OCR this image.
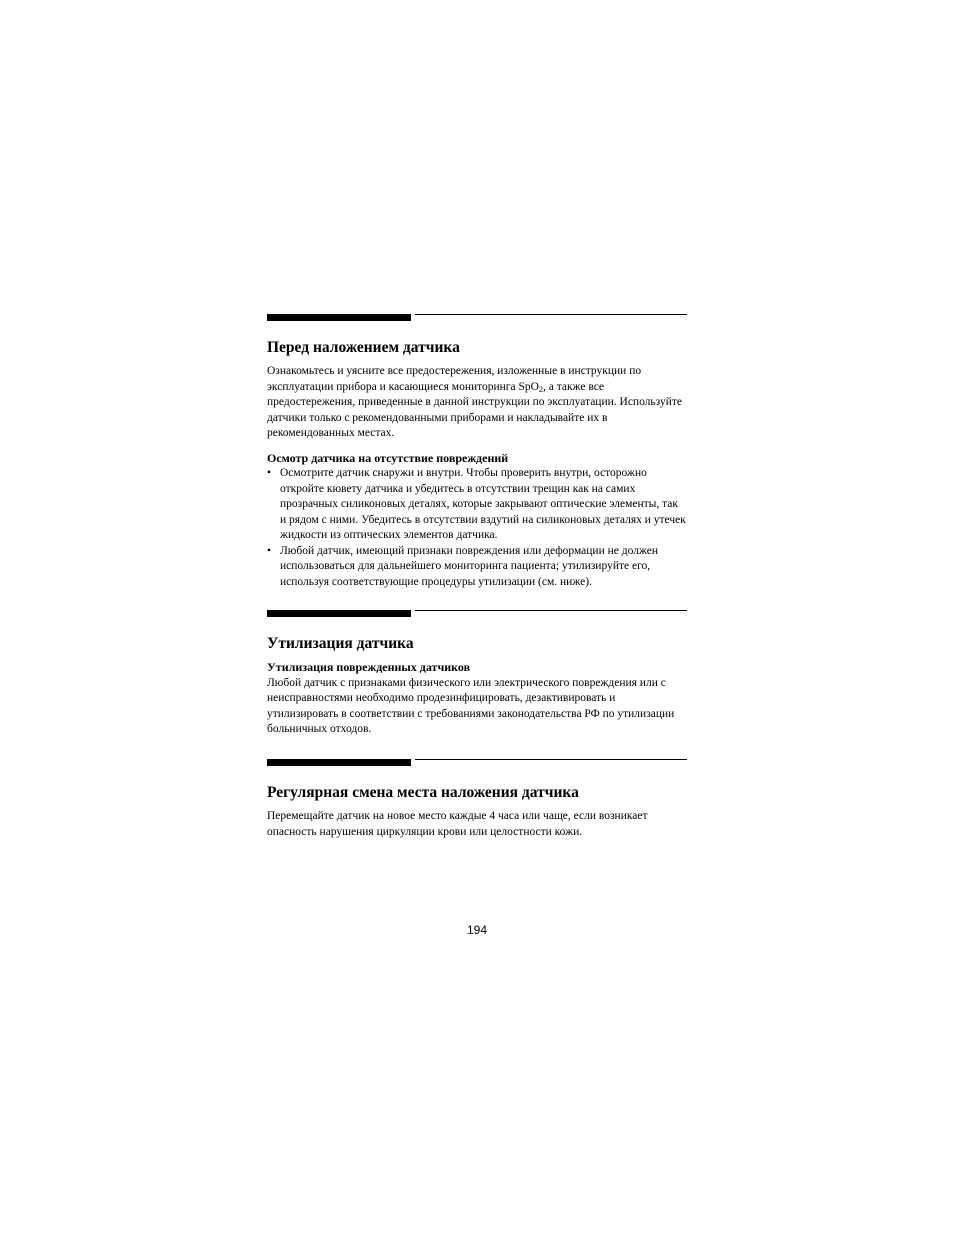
Перед наложением датчика

Ознакомьтесь и уясните все предостережения, изложенные в инструкции по эксплуатации прибора и касающиеся мониторинга SpO$_2$, а также все предостережения, приведенные в данной инструкции по эксплуатации. Используйте датчики только с рекомендованными приборами и накладывайте их в рекомендованных местах.

Осмотр датчика на отсутствие повреждений
• Осмотрите датчик снаружи и внутри. Чтобы проверить внутри, осторожно откройте кювету датчика и убедитесь в отсутствии трещин как на самих прозрачных силиконовых деталях, которые закрывают оптические элементы, так и рядом с ними. Убедитесь в отсутствии вздутий на силиконовых деталях и утечек жидкости из оптических элементов датчика.
• Любой датчик, имеющий признаки повреждения или деформации не должен использоваться для дальнейшего мониторинга пациента; утилизируйте его, используя соответствующие процедуры утилизации (см. ниже).
Утилизация датчика
Утилизация поврежденных датчиков

Любой датчик с признаками физического или электрического повреждения или с неисправностями необходимо продезинфицировать, дезактивировать и утилизировать в соответствии с требованиями законодательства РФ по утилизации больничных отходов.

Регулярная смена места наложения датчика

Перемещайте датчик на новое место каждые 4 часа или чаще, если возникает опасность нарушения циркуляции крови или целостности кожи.

194
